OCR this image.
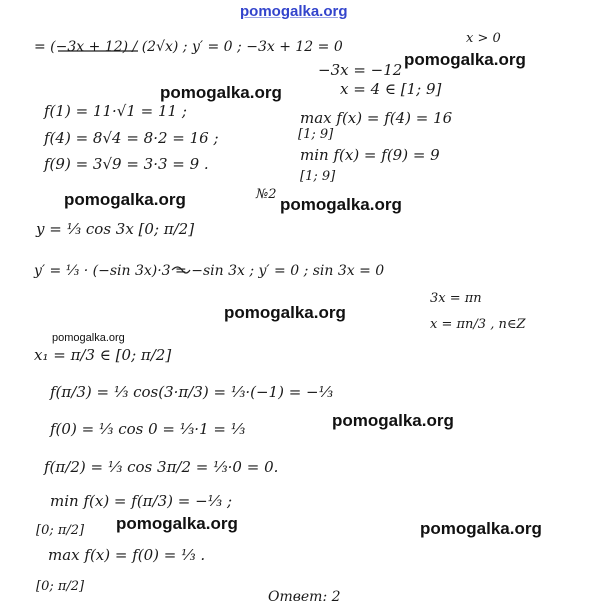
pomogalka.org
pomogalka.org
pomogalka.org
pomogalka.org	pomogalka.org
pomogalka.org
pomogalka.org
pomogalka.org
pomogalka.org	pomogalka.org
= (−3x + 12) / (2√x) ; y′ = 0 ; −3x + 12 = 0
x > 0
−3x = −12
x = 4 ∈ [1; 9]
f(1) = 11·√1 = 11 ;
f(4) = 8√4 = 8·2 = 16 ;
f(9) = 3√9 = 3·3 = 9 .
max f(x) = f(4) = 16
[1; 9]
min f(x) = f(9) = 9
[1; 9]
№2
y = ⅓ cos 3x [0; π/2]
y′ = ⅓ · (−sin 3x)·3 = −sin 3x ; y′ = 0 ; sin 3x = 0
3x = πn
x = πn/3 , n∈Z
x₁ = π/3 ∈ [0; π/2]
f(π/3) = ⅓ cos(3·π/3) = ⅓·(−1) = −⅓
f(0) = ⅓ cos 0 = ⅓·1 = ⅓
f(π/2) = ⅓ cos 3π/2 = ⅓·0 = 0.
min f(x) = f(π/3) = −⅓ ;
[0; π/2]
max f(x) = f(0) = ⅓ .
[0; π/2]
Ответ: 2
